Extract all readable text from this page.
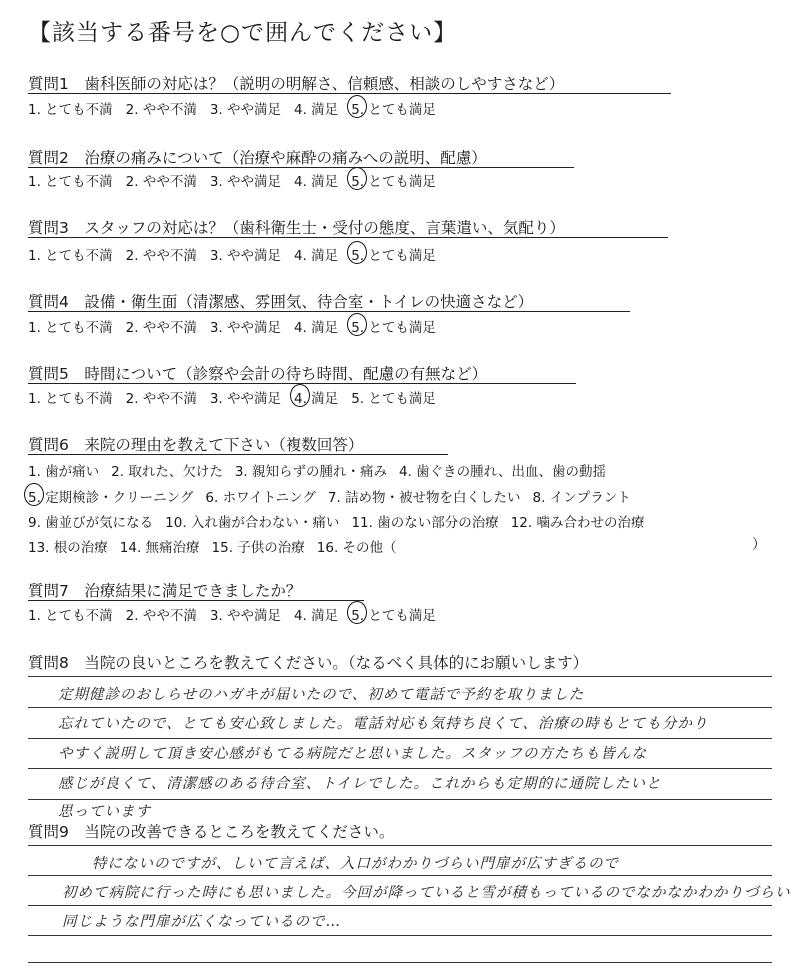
【該当する番号を○で囲んでください】
質問1　 歯科医師の対応は？（説明の明解さ、信頼感、相談のしやすさなど）
1. とても不満 2. やや不満 3. やや満足 4. 満足 5. とても満足
質問2　 治療の痛みについて（治療や麻酔の痛みへの説明、配慮）
1. とても不満 2. やや不満 3. やや満足 4. 満足 5. とても満足
質問3　 スタッフの対応は？（歯科衛生士・受付の態度、言葉遣い、気配り）
1. とても不満 2. やや不満 3. やや満足 4. 満足 5. とても満足
質問4　 設備・衛生面（清潔感、雰囲気、待合室・トイレの快適さなど）
1. とても不満 2. やや不満 3. やや満足 4. 満足 5. とても満足
質問5　 時間について（診察や会計の待ち時間、配慮の有無など）
1. とても不満 2. やや不満 3. やや満足 4. 満足 5. とても満足
質問6　 来院の理由を教えて下さい（複数回答）
1. 歯が痛い 2. 取れた、欠けた 3. 親知らずの腫れ・痛み 4. 歯ぐきの腫れ、出血、歯の動揺
5. 定期検診・クリーニング 6. ホワイトニング 7. 詰め物・被せ物を白くしたい 8. インプラント
9. 歯並びが気になる 10. 入れ歯が合わない・痛い 11. 歯のない部分の治療 12. 噛み合わせの治療
13. 根の治療 14. 無痛治療 15. 子供の治療 16. その他（	）
質問7　 治療結果に満足できましたか？
1. とても不満 2. やや不満 3. やや満足 4. 満足 5. とても満足
質問8　 当院の良いところを教えてください。（なるべく具体的にお願いします）
定期健診のおしらせのハガキが届いたので、初めて電話で予約を取りました
忘れていたので、とても安心致しました。電話対応も気持ち良くて、治療の時もとても分かり
やすく説明して頂き安心感がもてる病院だと思いました。スタッフの方たちも皆んな
感じが良くて、清潔感のある待合室、トイレでした。これからも定期的に通院したいと
思っています
質問9　 当院の改善できるところを教えてください。
特にないのですが、しいて言えば、入口がわかりづらい門扉が広すぎるので
初めて病院に行った時にも思いました。今回が降っていると雪が積もっているのでなかなかわかりづらい
同じような門扉が広くなっているので…
